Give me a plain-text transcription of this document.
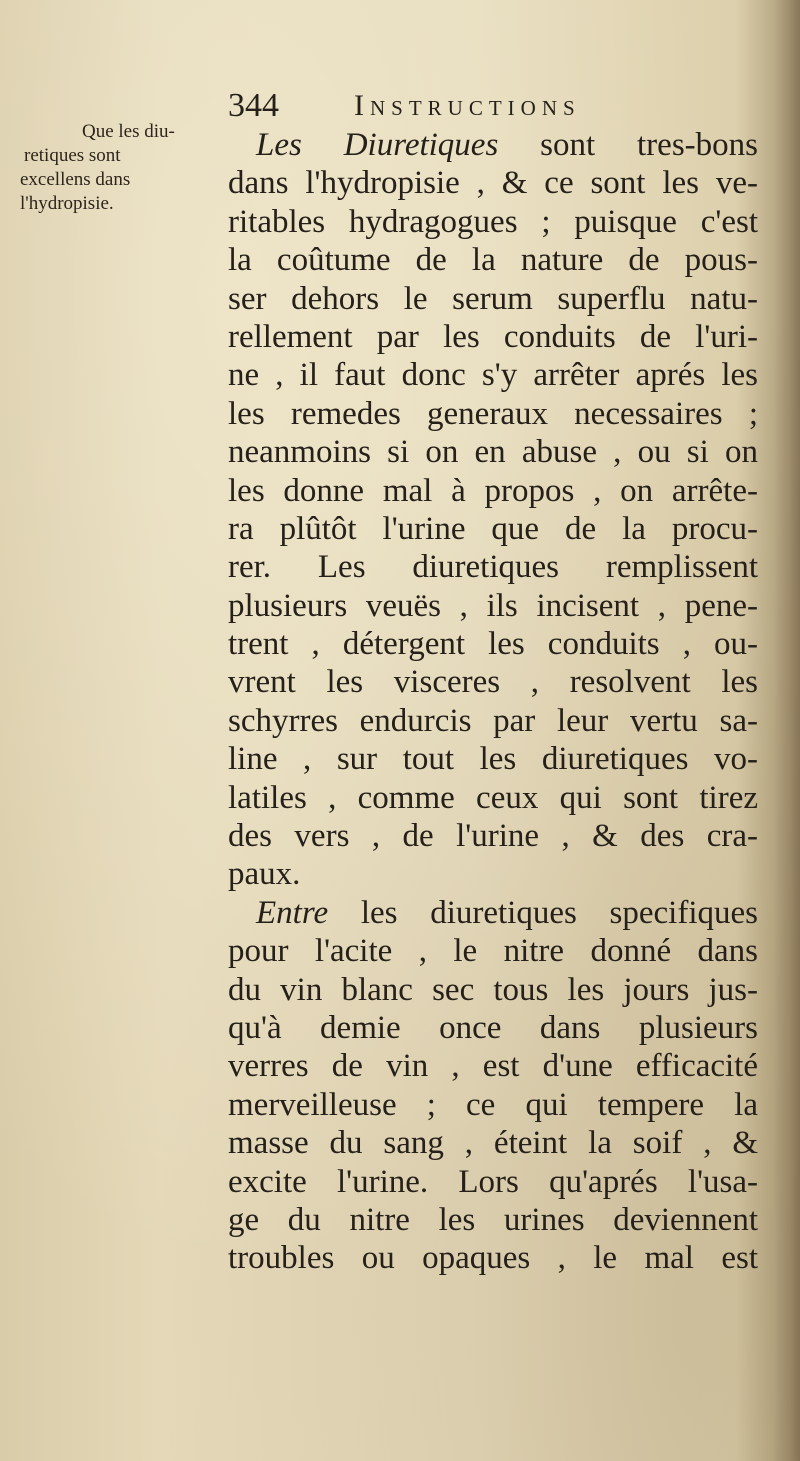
344	Instructions
Que les diu-
retiques sont
excellens dans
l'hydropisie.
Les Diuretiques sont tres-bons
dans l'hydropisie , & ce sont les ve-
ritables hydragogues ; puisque c'est
la coûtume de la nature de pous-
ser dehors le serum superflu natu-
rellement par les conduits de l'uri-
ne , il faut donc s'y arrêter aprés les
les remedes generaux necessaires ;
neanmoins si on en abuse , ou si on
les donne mal à propos , on arrête-
ra plûtôt l'urine que de la procu-
rer. Les diuretiques remplissent
plusieurs veuës , ils incisent , pene-
trent , détergent les conduits , ou-
vrent les visceres , resolvent les
schyrres endurcis par leur vertu sa-
line , sur tout les diuretiques vo-
latiles , comme ceux qui sont tirez
des vers , de l'urine , & des cra-
paux.
Entre les diuretiques specifiques
pour l'acite , le nitre donné dans
du vin blanc sec tous les jours jus-
qu'à demie once dans plusieurs
verres de vin , est d'une efficacité
merveilleuse ; ce qui tempere la
masse du sang , éteint la soif , &
excite l'urine. Lors qu'aprés l'usa-
ge du nitre les urines deviennent
troubles ou opaques , le mal est
